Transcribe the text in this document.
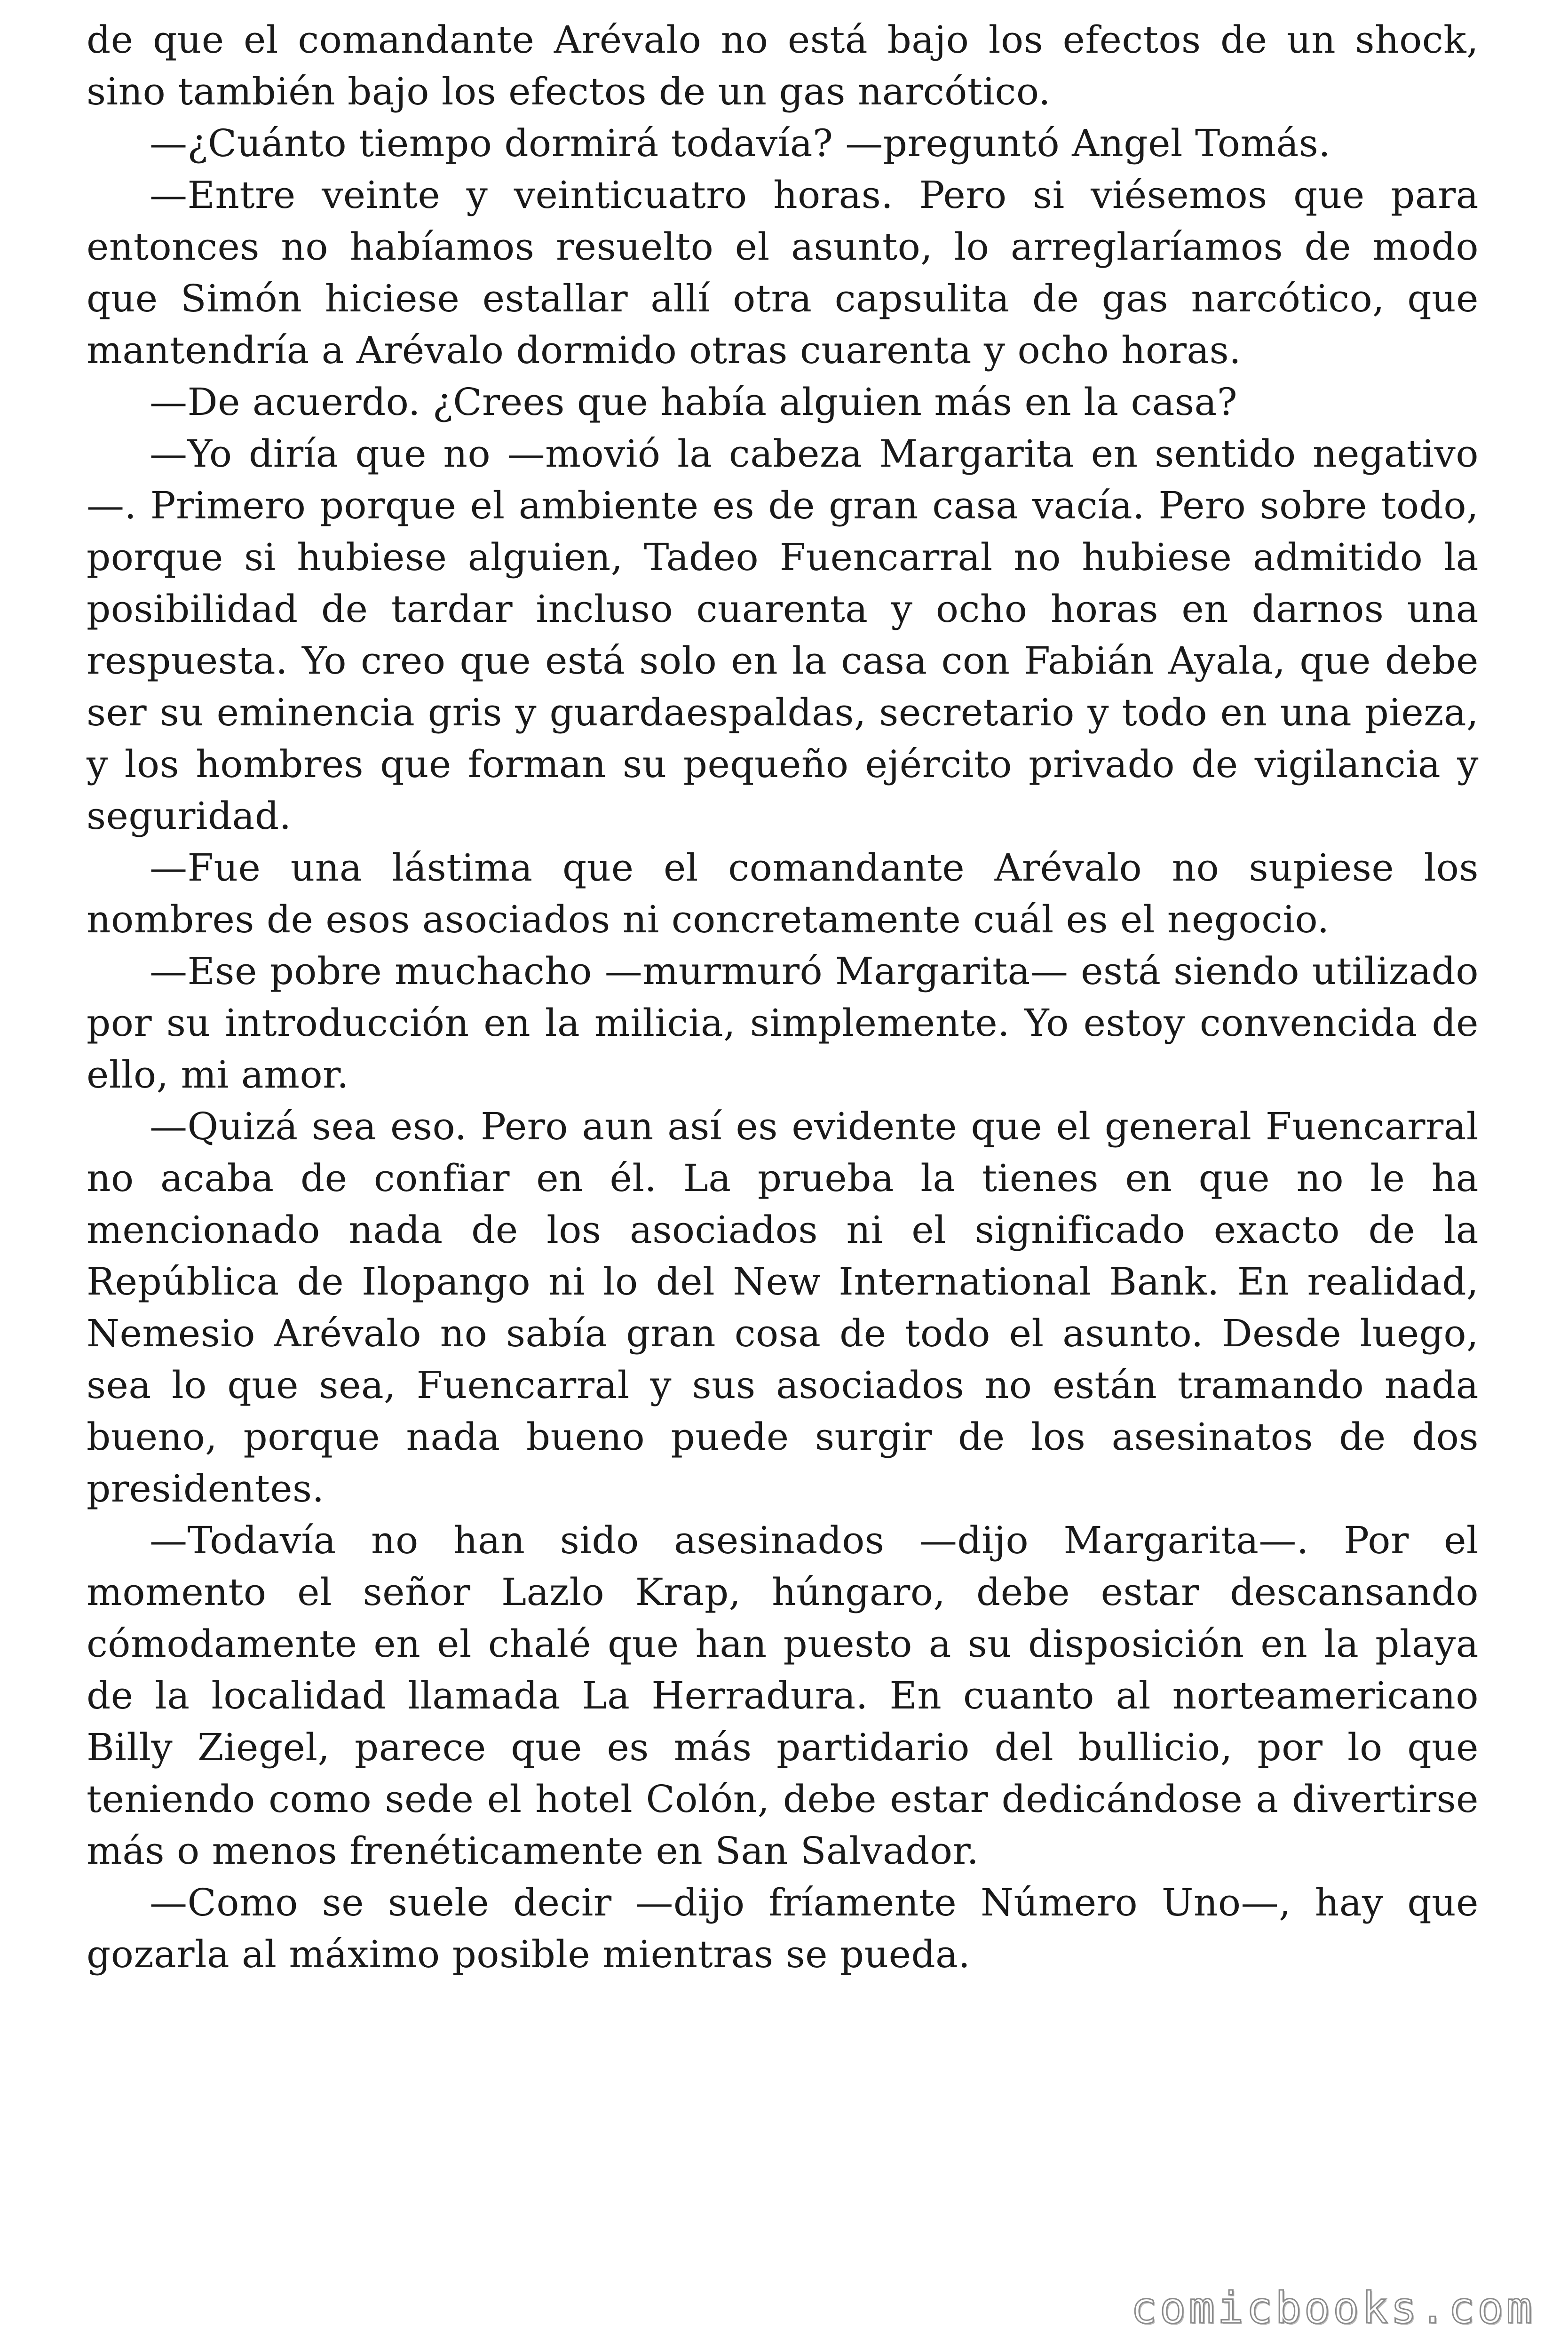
de que el comandante Arévalo no está bajo los efectos de un shock, sino también bajo los efectos de un gas narcótico.

—¿Cuánto tiempo dormirá todavía? —preguntó Angel Tomás.

—Entre veinte y veinticuatro horas. Pero si viésemos que para entonces no habíamos resuelto el asunto, lo arreglaríamos de modo que Simón hiciese estallar allí otra capsulita de gas narcótico, que mantendría a Arévalo dormido otras cuarenta y ocho horas.

—De acuerdo. ¿Crees que había alguien más en la casa?

—Yo diría que no —movió la cabeza Margarita en sentido negativo —. Primero porque el ambiente es de gran casa vacía. Pero sobre todo, porque si hubiese alguien, Tadeo Fuencarral no hubiese admitido la posibilidad de tardar incluso cuarenta y ocho horas en darnos una respuesta. Yo creo que está solo en la casa con Fabián Ayala, que debe ser su eminencia gris y guardaespaldas, secretario y todo en una pieza, y los hombres que forman su pequeño ejército privado de vigilancia y seguridad.

—Fue una lástima que el comandante Arévalo no supiese los nombres de esos asociados ni concretamente cuál es el negocio.

—Ese pobre muchacho —murmuró Margarita— está siendo utilizado por su introducción en la milicia, simplemente. Yo estoy convencida de ello, mi amor.

—Quizá sea eso. Pero aun así es evidente que el general Fuencarral no acaba de confiar en él. La prueba la tienes en que no le ha mencionado nada de los asociados ni el significado exacto de la República de Ilopango ni lo del New International Bank. En realidad, Nemesio Arévalo no sabía gran cosa de todo el asunto. Desde luego, sea lo que sea, Fuencarral y sus asociados no están tramando nada bueno, porque nada bueno puede surgir de los asesinatos de dos presidentes.

—Todavía no han sido asesinados —dijo Margarita—. Por el momento el señor Lazlo Krap, húngaro, debe estar descansando cómodamente en el chalé que han puesto a su disposición en la playa de la localidad llamada La Herradura. En cuanto al norteamericano Billy Ziegel, parece que es más partidario del bullicio, por lo que teniendo como sede el hotel Colón, debe estar dedicándose a divertirse más o menos frenéticamente en San Salvador.

—Como se suele decir —dijo fríamente Número Uno—, hay que gozarla al máximo posible mientras se pueda.

comicbooks.com
